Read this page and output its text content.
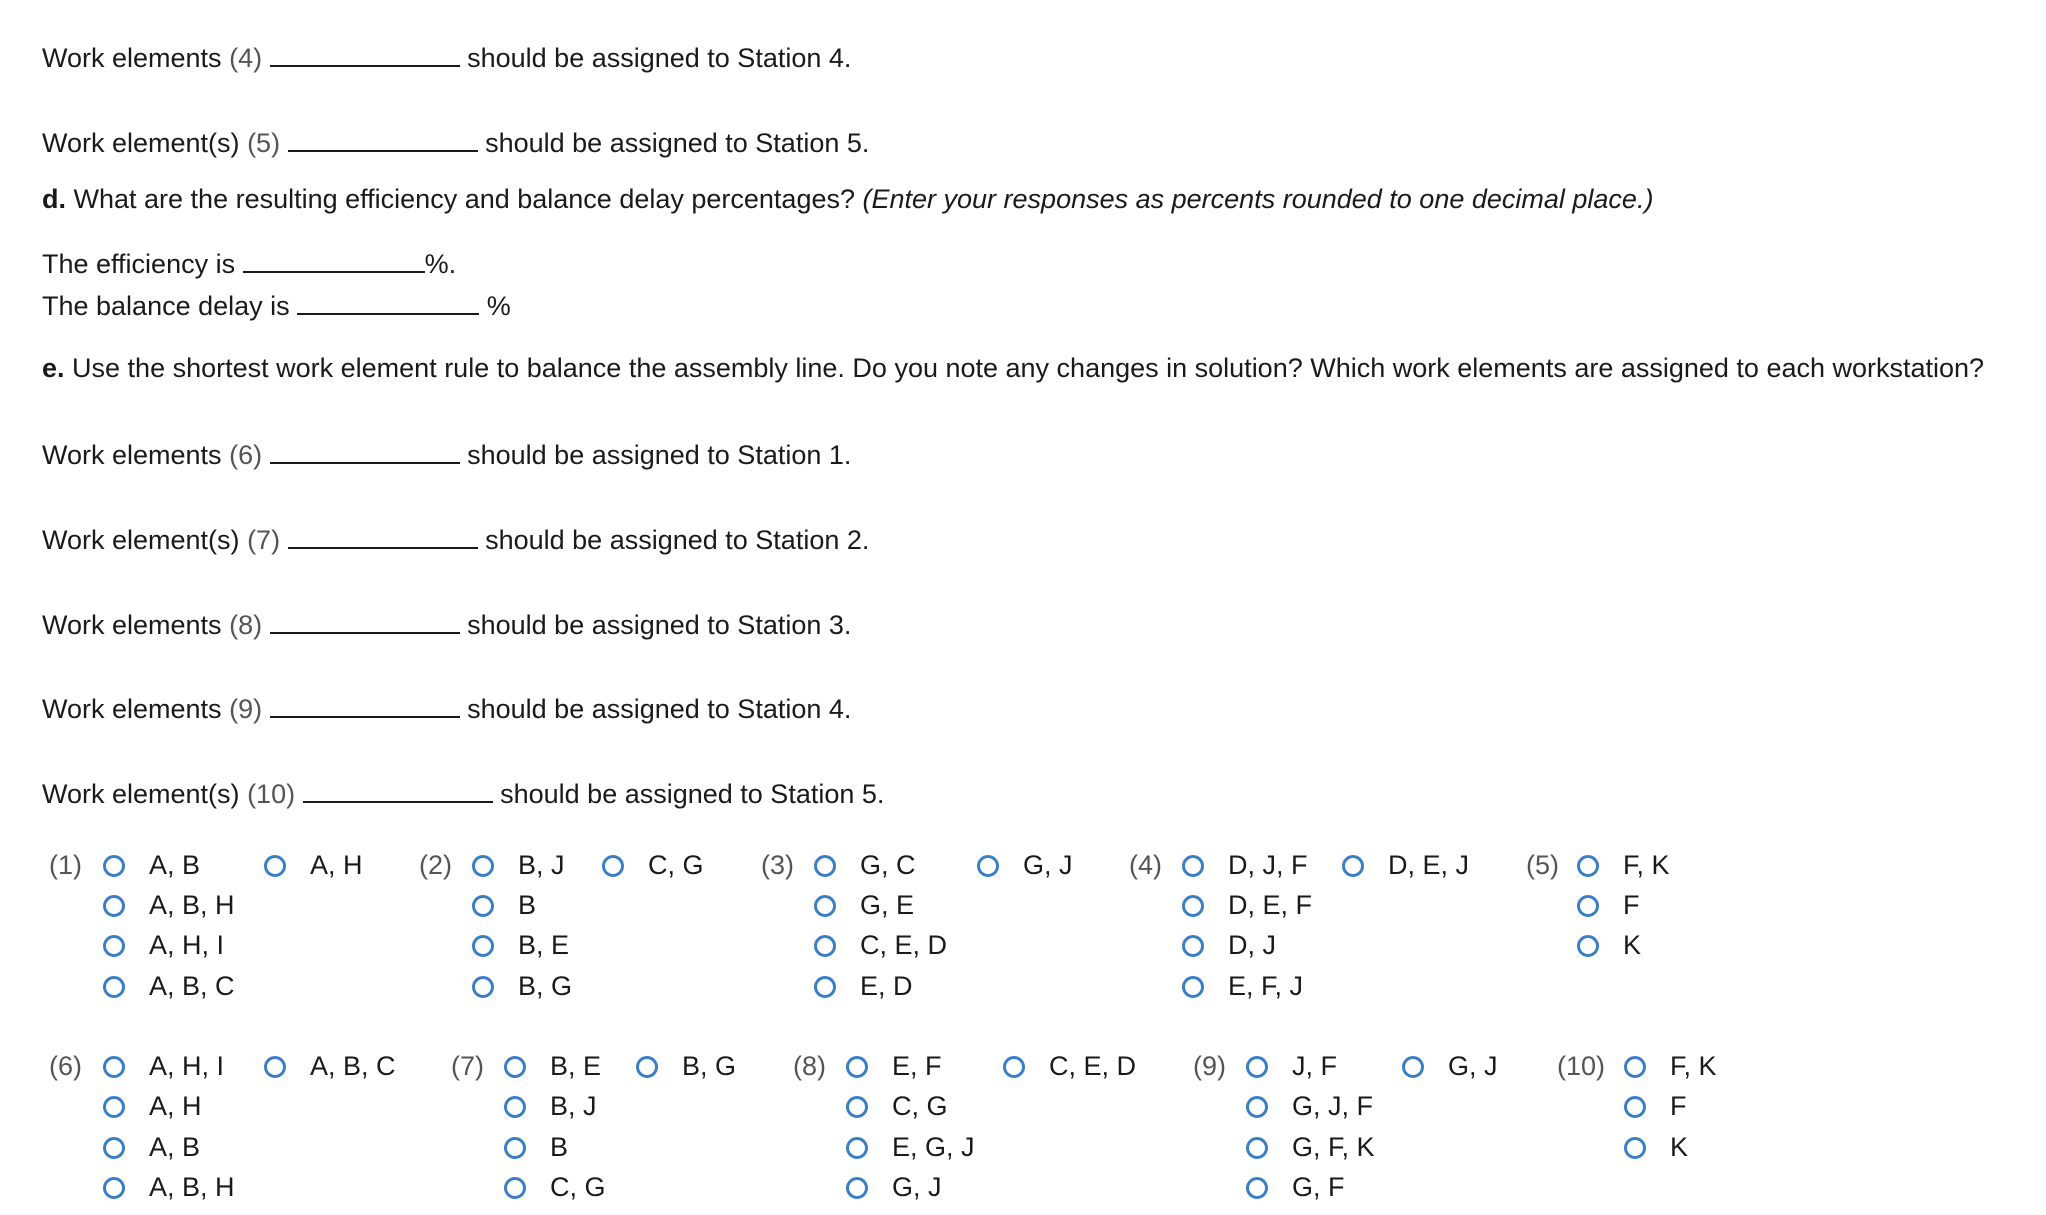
Work elements (4)	should be assigned to Station 4.
Work element(s) (5)	should be assigned to Station 5.
d. What are the resulting efficiency and balance delay percentages? (Enter your responses as percents rounded to one decimal place.)
The efficiency is	%.
The balance delay is	%
e. Use the shortest work element rule to balance the assembly line. Do you note any changes in solution? Which work elements are assigned to each workstation?
Work elements (6)	should be assigned to Station 1.
Work element(s) (7)	should be assigned to Station 2.
Work elements (8)	should be assigned to Station 3.
Work elements (9)	should be assigned to Station 4.
Work element(s) (10)	should be assigned to Station 5.
(1)	A, B	A, H
A, B, H
A, H, I
A, B, C
(2)	B, J	C, G
B
B, E
B, G
(3)	G, C	G, J
G, E
C, E, D
E, D
(4)	D, J, F	D, E, J
D, E, F
D, J
E, F, J
(5)	F, K
F
K
(6)	A, H, I	A, B, C
A, H
A, B
A, B, H
(7)	B, E	B, G
B, J
B
C, G
(8)	E, F	C, E, D
C, G
E, G, J
G, J
(9)	J, F	G, J
G, J, F
G, F, K
G, F
(10)	F, K
F
K
